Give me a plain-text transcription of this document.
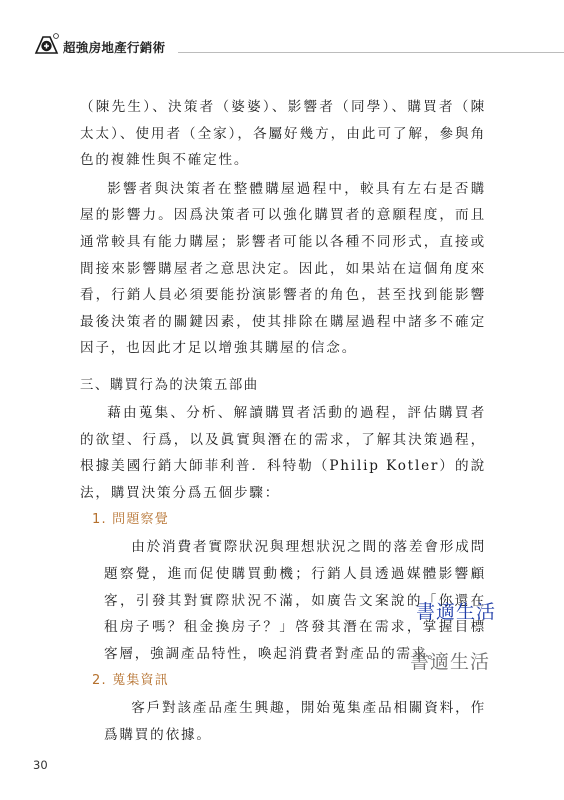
超強房地產行銷術

（陳先生）、決策者（婆婆）、影響者（同學）、購買者（陳太太）、使用者（全家），各屬好幾方，由此可了解，參與角色的複雜性與不確定性。

影響者與決策者在整體購屋過程中，較具有左右是否購屋的影響力。因爲決策者可以強化購買者的意願程度，而且通常較具有能力購屋；影響者可能以各種不同形式，直接或間接來影響購屋者之意思決定。因此，如果站在這個角度來看，行銷人員必須要能扮演影響者的角色，甚至找到能影響最後決策者的關鍵因素，使其排除在購屋過程中諸多不確定因子，也因此才足以增強其購屋的信念。

三、購買行為的決策五部曲

藉由蒐集、分析、解讀購買者活動的過程，評估購買者的欲望、行爲，以及眞實與潛在的需求，了解其決策過程，根據美國行銷大師菲利普．科特勒（Philip Kotler）的說法，購買決策分爲五個步驟：

1. 問題察覺

由於消費者實際狀況與理想狀況之間的落差會形成問題察覺，進而促使購買動機；行銷人員透過媒體影響顧客，引發其對實際狀況不滿，如廣告文案說的「你還在租房子嗎？租金換房子？」啓發其潛在需求，掌握目標客層，強調產品特性，喚起消費者對產品的需求。

2. 蒐集資訊

客戶對該產品產生興趣，開始蒐集產品相關資料，作爲購買的依據。

書適生活
書適生活
30
